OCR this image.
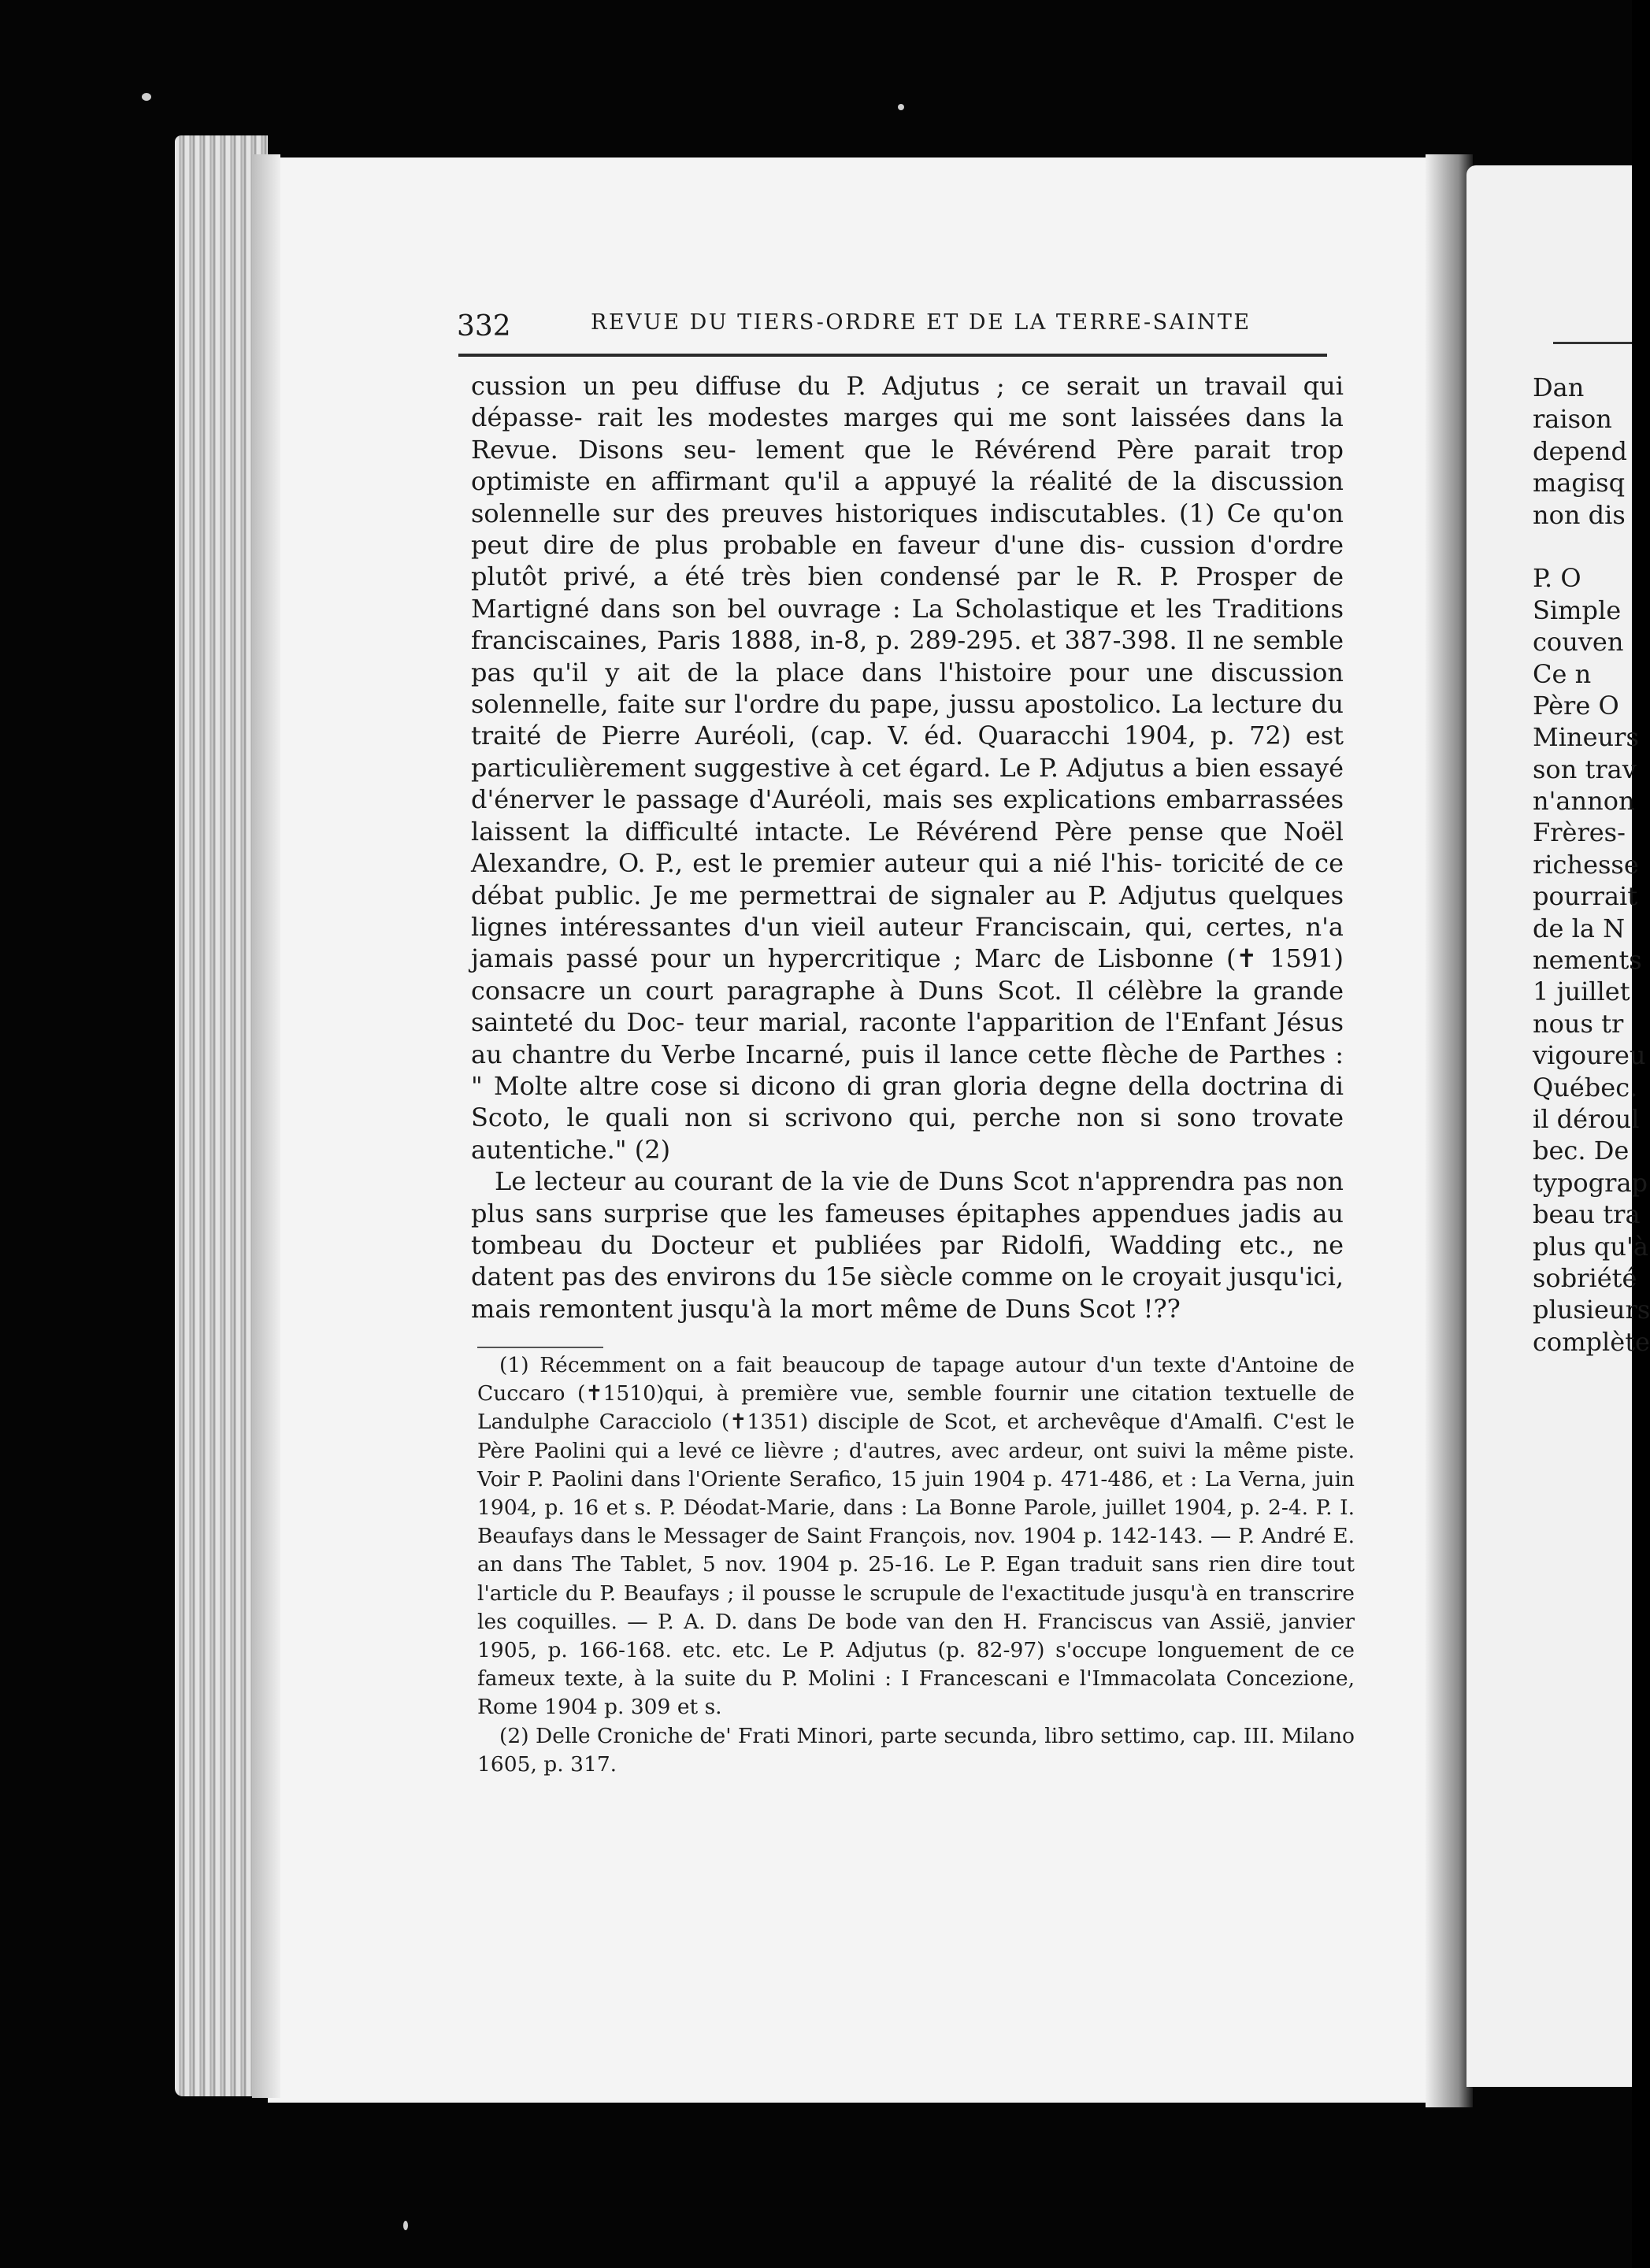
332	REVUE DU TIERS-ORDRE ET DE LA TERRE-SAINTE

cussion un peu diffuse du P. Adjutus ; ce serait un travail qui dépasse- rait les modestes marges qui me sont laissées dans la Revue. Disons seu- lement que le Révérend Père parait trop optimiste en affirmant qu'il a appuyé la réalité de la discussion solennelle sur des preuves historiques indiscutables. (1) Ce qu'on peut dire de plus probable en faveur d'une dis- cussion d'ordre plutôt privé, a été très bien condensé par le R. P. Prosper de Martigné dans son bel ouvrage : La Scholastique et les Traditions franciscaines, Paris 1888, in-8, p. 289-295. et 387-398. Il ne semble pas qu'il y ait de la place dans l'histoire pour une discussion solennelle, faite sur l'ordre du pape, jussu apostolico. La lecture du traité de Pierre Auréoli, (cap. V. éd. Quaracchi 1904, p. 72) est particulièrement suggestive à cet égard. Le P. Adjutus a bien essayé d'énerver le passage d'Auréoli, mais ses explications embarrassées laissent la difficulté intacte. Le Révérend Père pense que Noël Alexandre, O. P., est le premier auteur qui a nié l'his- toricité de ce débat public. Je me permettrai de signaler au P. Adjutus quelques lignes intéressantes d'un vieil auteur Franciscain, qui, certes, n'a jamais passé pour un hypercritique ; Marc de Lisbonne (✝ 1591) consacre un court paragraphe à Duns Scot. Il célèbre la grande sainteté du Doc- teur marial, raconte l'apparition de l'Enfant Jésus au chantre du Verbe Incarné, puis il lance cette flèche de Parthes : " Molte altre cose si dicono di gran gloria degne della doctrina di Scoto, le quali non si scrivono qui, perche non si sono trovate autentiche." (2)

Le lecteur au courant de la vie de Duns Scot n'apprendra pas non plus sans surprise que les fameuses épitaphes appendues jadis au tombeau du Docteur et publiées par Ridolfi, Wadding etc., ne datent pas des environs du 15e siècle comme on le croyait jusqu'ici, mais remontent jusqu'à la mort même de Duns Scot !??

(1) Récemment on a fait beaucoup de tapage autour d'un texte d'Antoine de Cuccaro (✝1510)qui, à première vue, semble fournir une citation textuelle de Landulphe Caracciolo (✝1351) disciple de Scot, et archevêque d'Amalfi. C'est le Père Paolini qui a levé ce lièvre ; d'autres, avec ardeur, ont suivi la même piste. Voir P. Paolini dans l'Oriente Serafico, 15 juin 1904 p. 471-486, et : La Verna, juin 1904, p. 16 et s. P. Déodat-Marie, dans : La Bonne Parole, juillet 1904, p. 2-4. P. I. Beaufays dans le Messager de Saint François, nov. 1904 p. 142-143. — P. André E. an dans The Tablet, 5 nov. 1904 p. 25-16. Le P. Egan traduit sans rien dire tout l'article du P. Beaufays ; il pousse le scrupule de l'exactitude jusqu'à en transcrire les coquilles. — P. A. D. dans De bode van den H. Franciscus van Assië, janvier 1905, p. 166-168. etc. etc. Le P. Adjutus (p. 82-97) s'occupe longuement de ce fameux texte, à la suite du P. Molini : I Francescani e l'Immacolata Concezione, Rome 1904 p. 309 et s.

(2) Delle Croniche de' Frati Minori, parte secunda, libro settimo, cap. III. Milano 1605, p. 317.

Dan
raison
depend
magisq
non dis
P. O
Simple
couven
Ce n
Père O
Mineurs
son trav
n'annon
Frères-
richesse
pourrait
de la N
nements
1 juillet
nous tr
vigoureu
Québec.
il déroul
bec. De
typograp
beau tra
plus qu'à
sobriété
plusieurs
complète
